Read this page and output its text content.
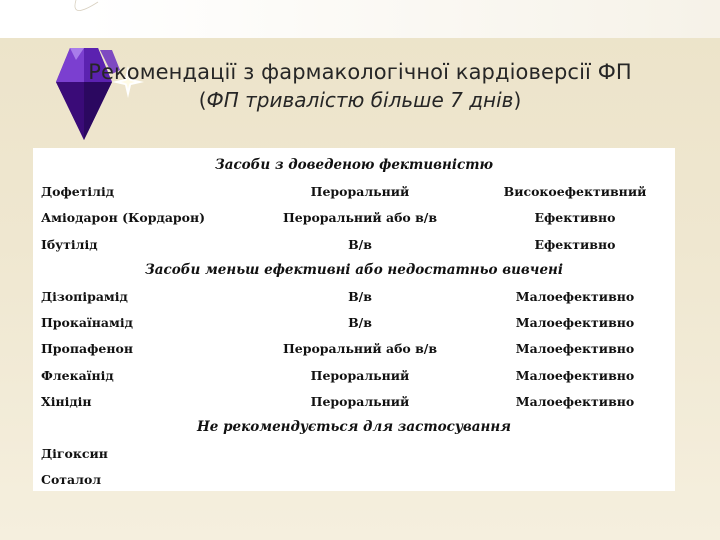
Рекомендації з фармакологічної кардіоверсії ФП
(ФП тривалістю більше 7 днів)
Засоби з доведеною фективністю
Дофетілід	Пероральний	Високоефективний
Аміодарон (Кордарон)	Пероральний або в/в	Ефективно
Ібутілід	В/в	Ефективно
Засоби меньш ефективні або недостатньо вивчені
Дізопірамід	В/в	Малоефективно
Прокаїнамід	В/в	Малоефективно
Пропафенон	Пероральний або в/в	Малоефективно
Флекаїнід	Пероральний	Малоефективно
Хінідін	Пероральний	Малоефективно
Не рекомендується для застосування
Дігоксин
Соталол
